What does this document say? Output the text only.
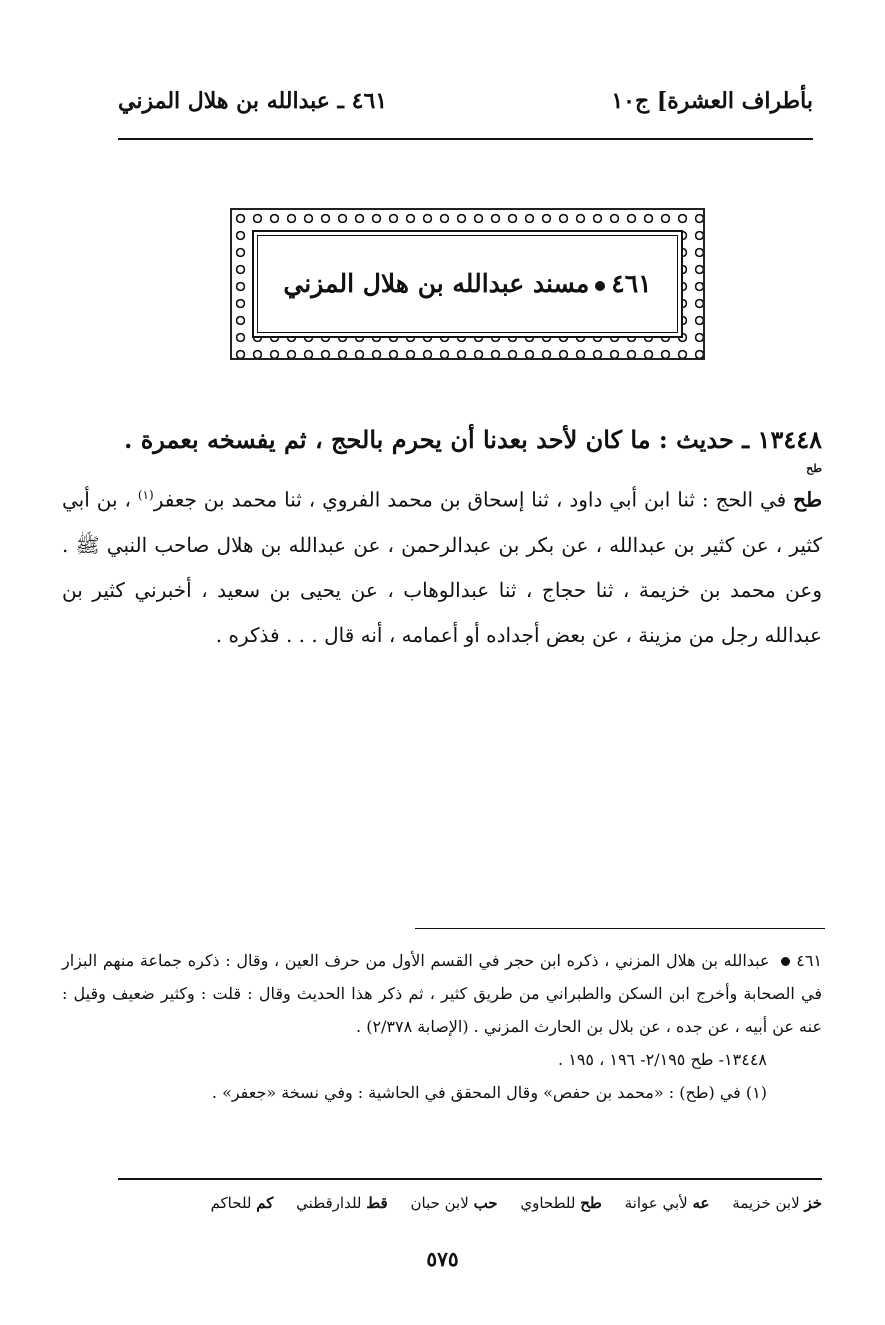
بأطراف العشرة] ج١٠
٤٦١ ـ عبدالله بن هلال المزني
٤٦١مسند عبدالله بن هلال المزني
١٣٤٤٨
طح
ـ حديث : ما كان لأحد بعدنا أن يحرم بالحج ، ثم يفسخه بعمرة .
طح في الحج : ثنا ابن أبي داود ، ثنا إسحاق بن محمد الفروي ، ثنا محمد بن جعفر$^{(١)}$ ، بن أبي كثير ، عن كثير بن عبدالله ، عن بكر بن عبدالرحمن ، عن عبدالله بن هلال صاحب النبي ﷺ . وعن محمد بن خزيمة ، ثنا حجاج ، ثنا عبدالوهاب ، عن يحيى بن سعيد ، أخبرني كثير بن عبدالله رجل من مزينة ، عن بعض أجداده أو أعمامه ، أنه قال . . . فذكره .

٤٦١ عبدالله بن هلال المزني ، ذكره ابن حجر في القسم الأول من حرف العين ، وقال : ذكره جماعة منهم البزار في الصحابة وأخرج ابن السكن والطبراني من طريق كثير ، ثم ذكر هذا الحديث وقال : قلت : وكثير ضعيف وقيل : عنه عن أبيه ، عن جده ، عن بلال بن الحارث المزني . (الإصابة ٢/٣٧٨) .

١٣٤٤٨- طح ٢/١٩٥- ١٩٦ ، ١٩٥ .

(١) في (طح) : «محمد بن حفص» وقال المحقق في الحاشية : وفي نسخة «جعفر» .

خز لابن خزيمة عه لأبي عوانة طح للطحاوي حب لابن حبان قط للدارقطني كم للحاكم
٥٧٥
